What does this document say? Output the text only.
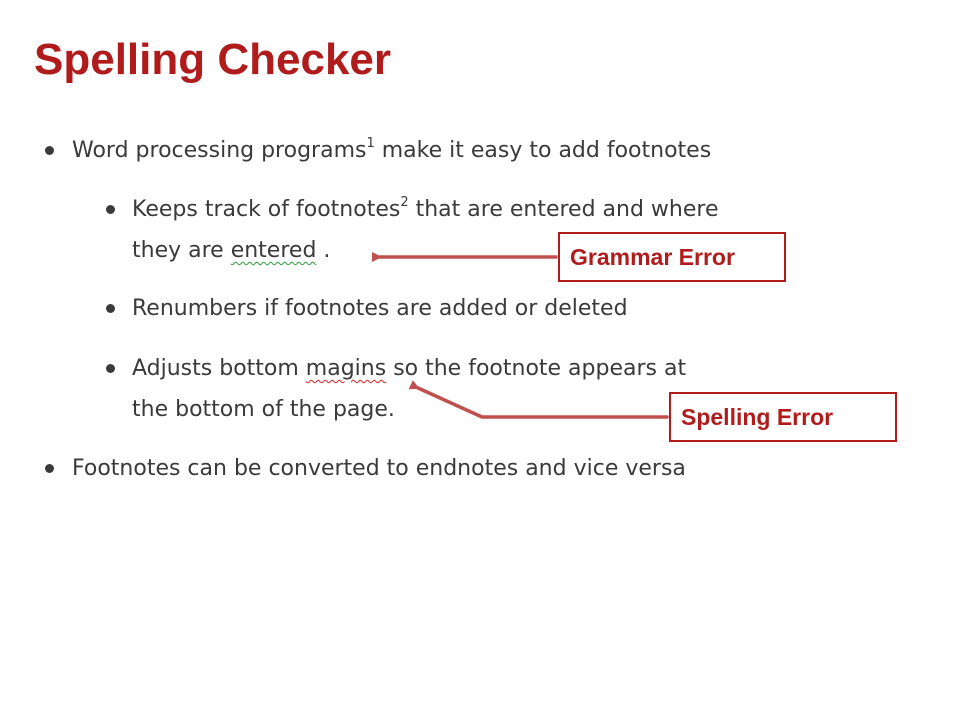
Spelling Checker
Word processing programs$^1$ make it easy to add footnotes
Keeps track of footnotes$^2$ that are entered and where
they are entered .
Renumbers if footnotes are added or deleted
Adjusts bottom magins so the footnote appears at
the bottom of the page.
Footnotes can be converted to endnotes and vice versa
Grammar Error
Spelling Error
